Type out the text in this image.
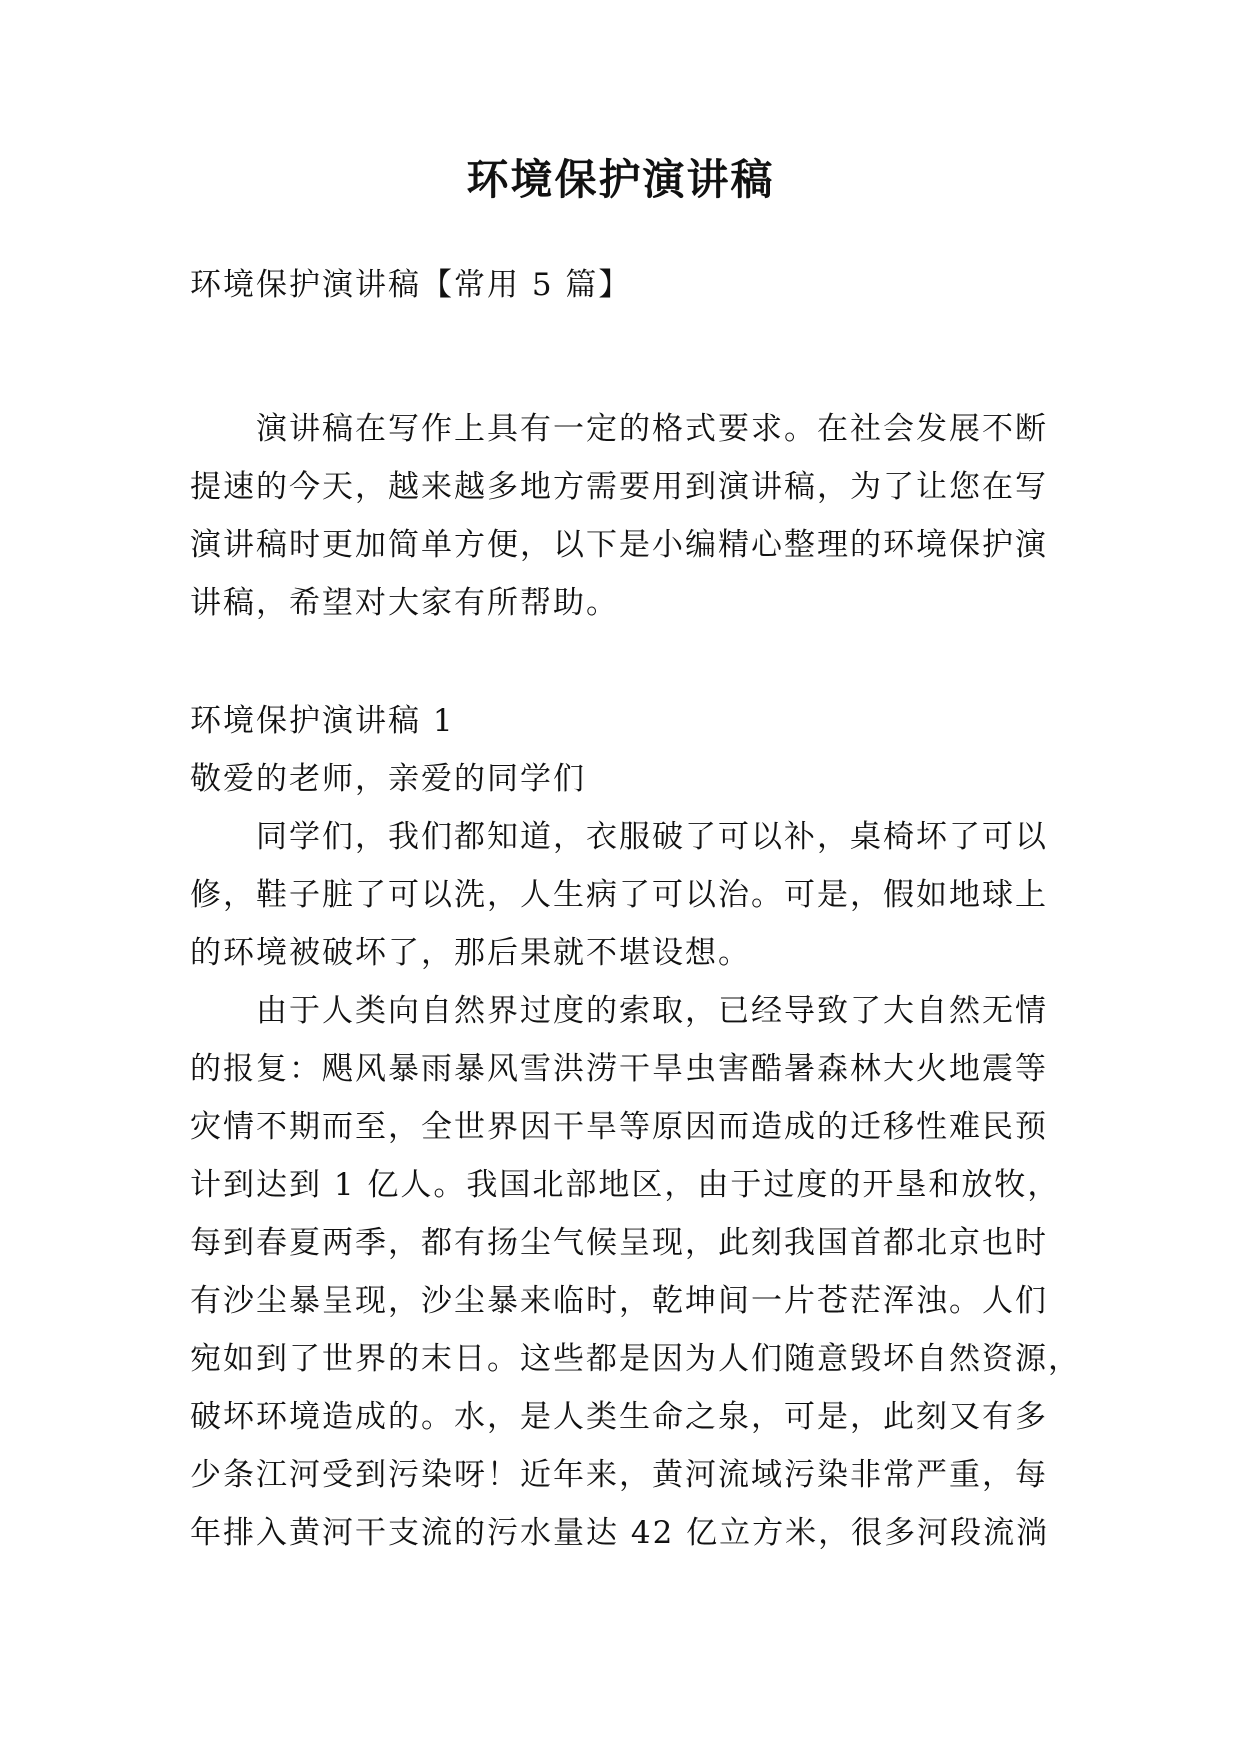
环境保护演讲稿
环境保护演讲稿【常用 5 篇】
演讲稿在写作上具有一定的格式要求。在社会发展不断
提速的今天，越来越多地方需要用到演讲稿，为了让您在写
演讲稿时更加简单方便，以下是小编精心整理的环境保护演
讲稿，希望对大家有所帮助。
环境保护演讲稿 1
敬爱的老师，亲爱的同学们
同学们，我们都知道，衣服破了可以补，桌椅坏了可以
修，鞋子脏了可以洗，人生病了可以治。可是，假如地球上
的环境被破坏了，那后果就不堪设想。
由于人类向自然界过度的索取，已经导致了大自然无情
的报复：飓风暴雨暴风雪洪涝干旱虫害酷暑森林大火地震等
灾情不期而至，全世界因干旱等原因而造成的迁移性难民预
计到达到 1 亿人。我国北部地区，由于过度的开垦和放牧，
每到春夏两季，都有扬尘气候呈现，此刻我国首都北京也时
有沙尘暴呈现，沙尘暴来临时，乾坤间一片苍茫浑浊。人们
宛如到了世界的末日。这些都是因为人们随意毁坏自然资源，
破坏环境造成的。水，是人类生命之泉，可是，此刻又有多
少条江河受到污染呀！近年来，黄河流域污染非常严重，每
年排入黄河干支流的污水量达 42 亿立方米，很多河段流淌
